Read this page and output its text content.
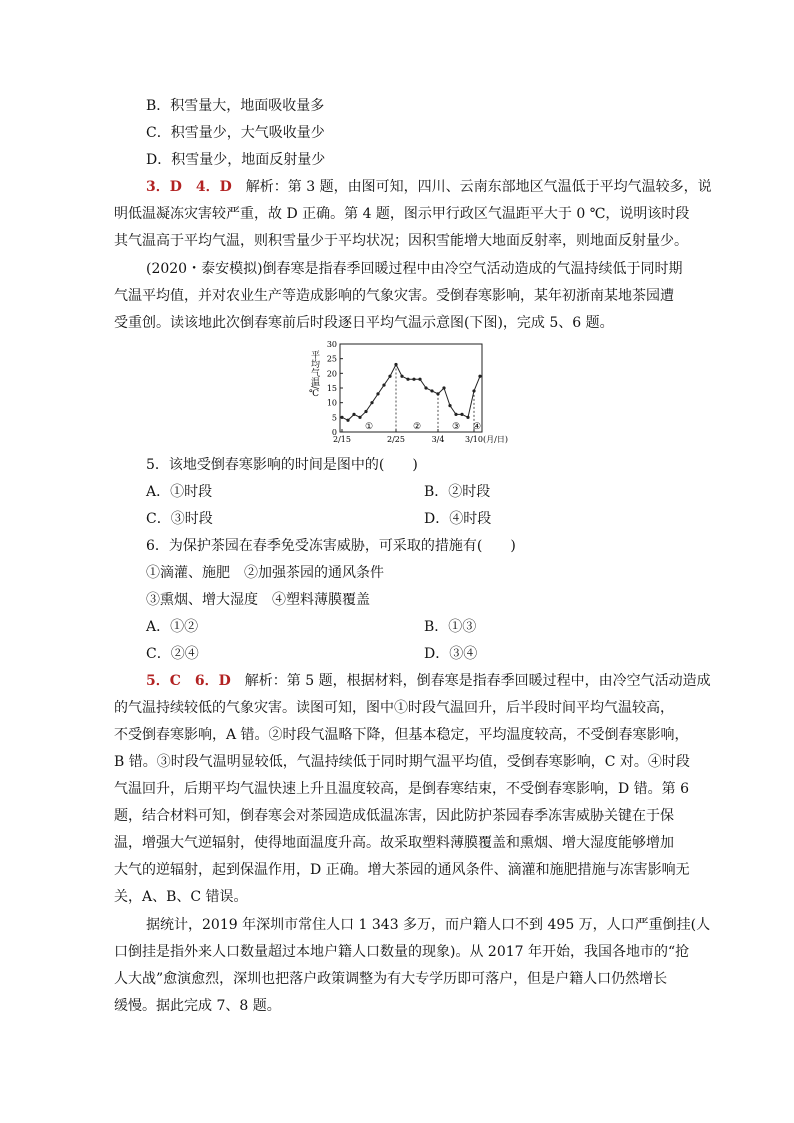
B．积雪量大，地面吸收量多
C．积雪量少，大气吸收量少
D．积雪量少，地面反射量少
3．D　4．D　 解析：第 3 题，由图可知，四川、云南东部地区气温低于平均气温较多，说
明低温凝冻灾害较严重，故 D 正确。第 4 题，图示甲行政区气温距平大于 0 ℃，说明该时段
其气温高于平均气温，则积雪量少于平均状况；因积雪能增大地面反射率，则地面反射量少。
(2020・泰安模拟)倒春寒是指春季回暖过程中由冷空气活动造成的气温持续低于同时期
气温平均值，并对农业生产等造成影响的气象灾害。受倒春寒影响，某年初浙南某地茶园遭
受重创。读该地此次倒春寒前后时段逐日平均气温示意图(下图)，完成 5、6 题。
平均气温/℃
0
5
10
15
20
25
30
2/15	2/25	3/4	3/10
①	②	③ ④
(月/日)
5．该地受倒春寒影响的时间是图中的(　　)
A．①时段	B．②时段
C．③时段	D．④时段
6．为保护茶园在春季免受冻害威胁，可采取的措施有(　　)
①滴灌、施肥　②加强茶园的通风条件
③熏烟、增大湿度　④塑料薄膜覆盖
A．①②	B．①③
C．②④	D．③④
5．C　6．D　 解析：第 5 题，根据材料，倒春寒是指春季回暖过程中，由冷空气活动造成
的气温持续较低的气象灾害。读图可知，图中①时段气温回升，后半段时间平均气温较高，
不受倒春寒影响，A 错。②时段气温略下降，但基本稳定，平均温度较高，不受倒春寒影响，
B 错。③时段气温明显较低，气温持续低于同时期气温平均值，受倒春寒影响，C 对。④时段
气温回升，后期平均气温快速上升且温度较高，是倒春寒结束，不受倒春寒影响，D 错。第 6
题，结合材料可知，倒春寒会对茶园造成低温冻害，因此防护茶园春季冻害威胁关键在于保
温，增强大气逆辐射，使得地面温度升高。故采取塑料薄膜覆盖和熏烟、增大湿度能够增加
大气的逆辐射，起到保温作用，D 正确。增大茶园的通风条件、滴灌和施肥措施与冻害影响无
关，A、B、C 错误。
据统计，2019 年深圳市常住人口 1 343 多万，而户籍人口不到 495 万，人口严重倒挂(人
口倒挂是指外来人口数量超过本地户籍人口数量的现象)。从 2017 年开始，我国各地市的“抢
人大战”愈演愈烈，深圳也把落户政策调整为有大专学历即可落户，但是户籍人口仍然增长
缓慢。据此完成 7、8 题。
